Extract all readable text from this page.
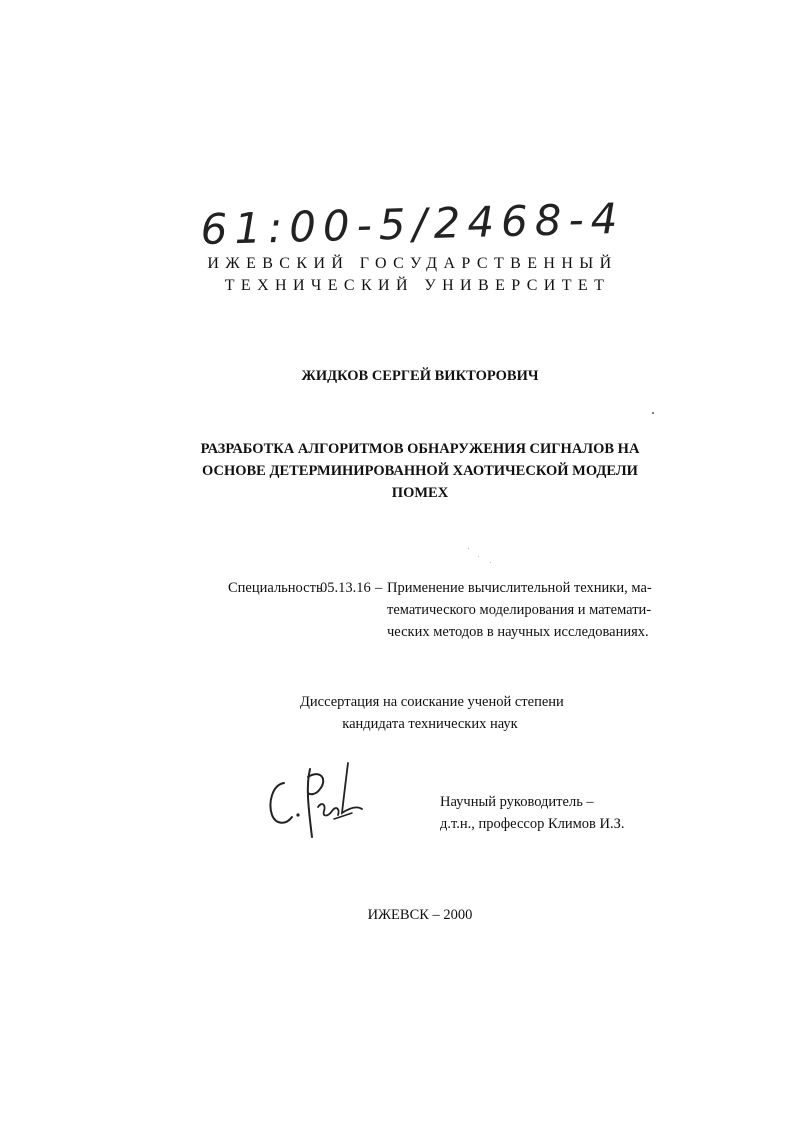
61:00-5/2468-4
ИЖЕВСКИЙ ГОСУДАРСТВЕННЫЙ
ТЕХНИЧЕСКИЙ УНИВЕРСИТЕТ
ЖИДКОВ СЕРГЕЙ ВИКТОРОВИЧ
РАЗРАБОТКА АЛГОРИТМОВ ОБНАРУЖЕНИЯ СИГНАЛОВ НА
ОСНОВЕ ДЕТЕРМИНИРОВАННОЙ ХАОТИЧЕСКОЙ МОДЕЛИ
ПОМЕХ
Специальность
05.13.16 – Применение вычислительной техники, ма-
тематического моделирования и математи-
ческих методов в научных исследованиях.
Диссертация на соискание ученой степени
кандидата технических наук
Научный руководитель –
д.т.н., профессор Климов И.З.
ИЖЕВСК – 2000
